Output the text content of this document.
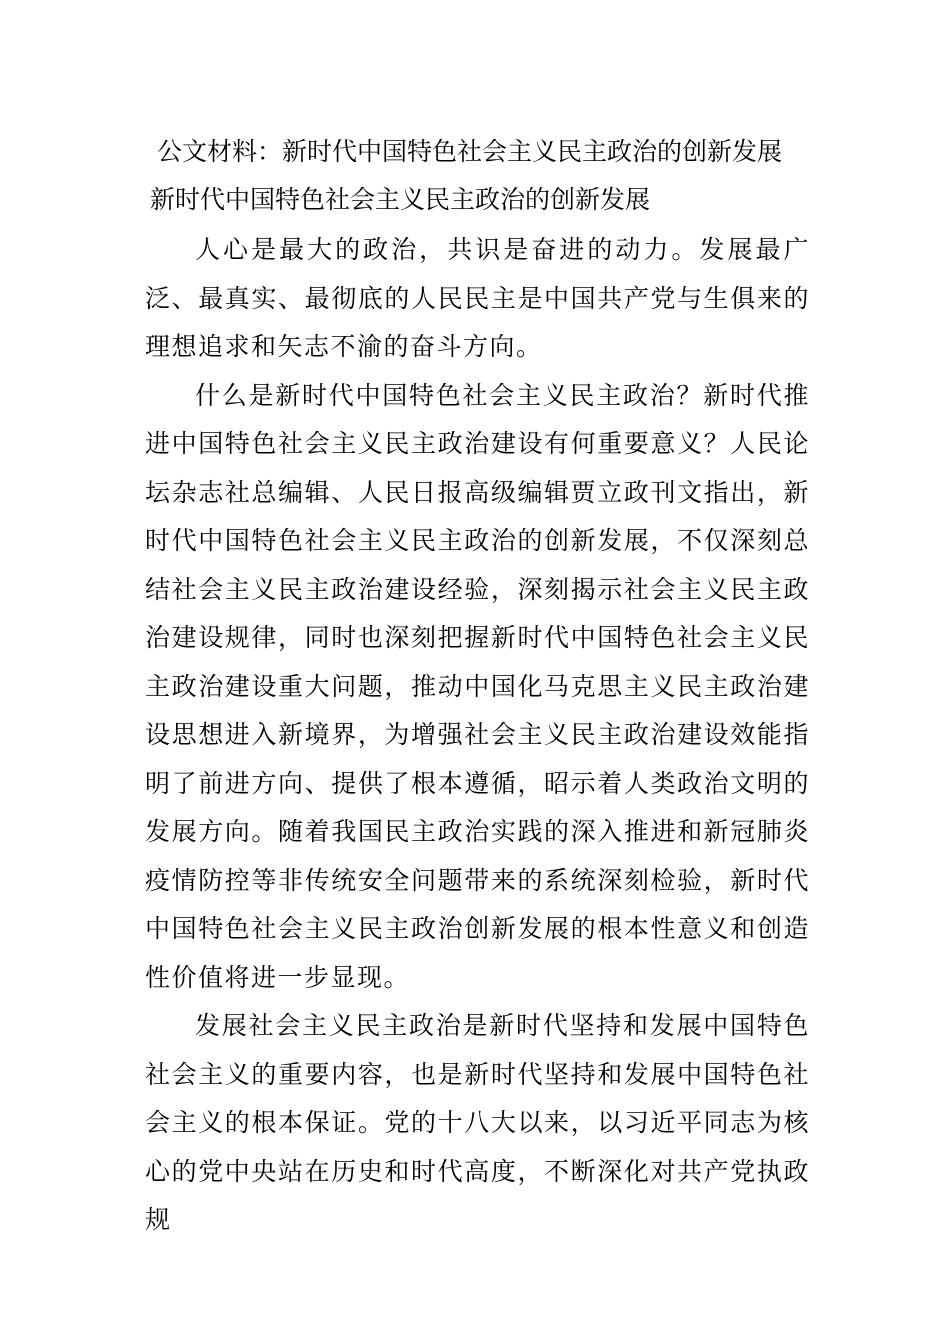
公文材料：新时代中国特色社会主义民主政治的创新发展
新时代中国特色社会主义民主政治的创新发展

人心是最大的政治，共识是奋进的动力。发展最广泛、最真实、最彻底的人民民主是中国共产党与生俱来的理想追求和矢志不渝的奋斗方向。

什么是新时代中国特色社会主义民主政治？新时代推进中国特色社会主义民主政治建设有何重要意义？人民论坛杂志社总编辑、人民日报高级编辑贾立政刊文指出，新时代中国特色社会主义民主政治的创新发展，不仅深刻总结社会主义民主政治建设经验，深刻揭示社会主义民主政治建设规律，同时也深刻把握新时代中国特色社会主义民主政治建设重大问题，推动中国化马克思主义民主政治建设思想进入新境界，为增强社会主义民主政治建设效能指明了前进方向、提供了根本遵循，昭示着人类政治文明的发展方向。随着我国民主政治实践的深入推进和新冠肺炎疫情防控等非传统安全问题带来的系统深刻检验，新时代中国特色社会主义民主政治创新发展的根本性意义和创造性价值将进一步显现。

发展社会主义民主政治是新时代坚持和发展中国特色社会主义的重要内容，也是新时代坚持和发展中国特色社会主义的根本保证。党的十八大以来，以习近平同志为核心的党中央站在历史和时代高度，不断深化对共产党执政规
